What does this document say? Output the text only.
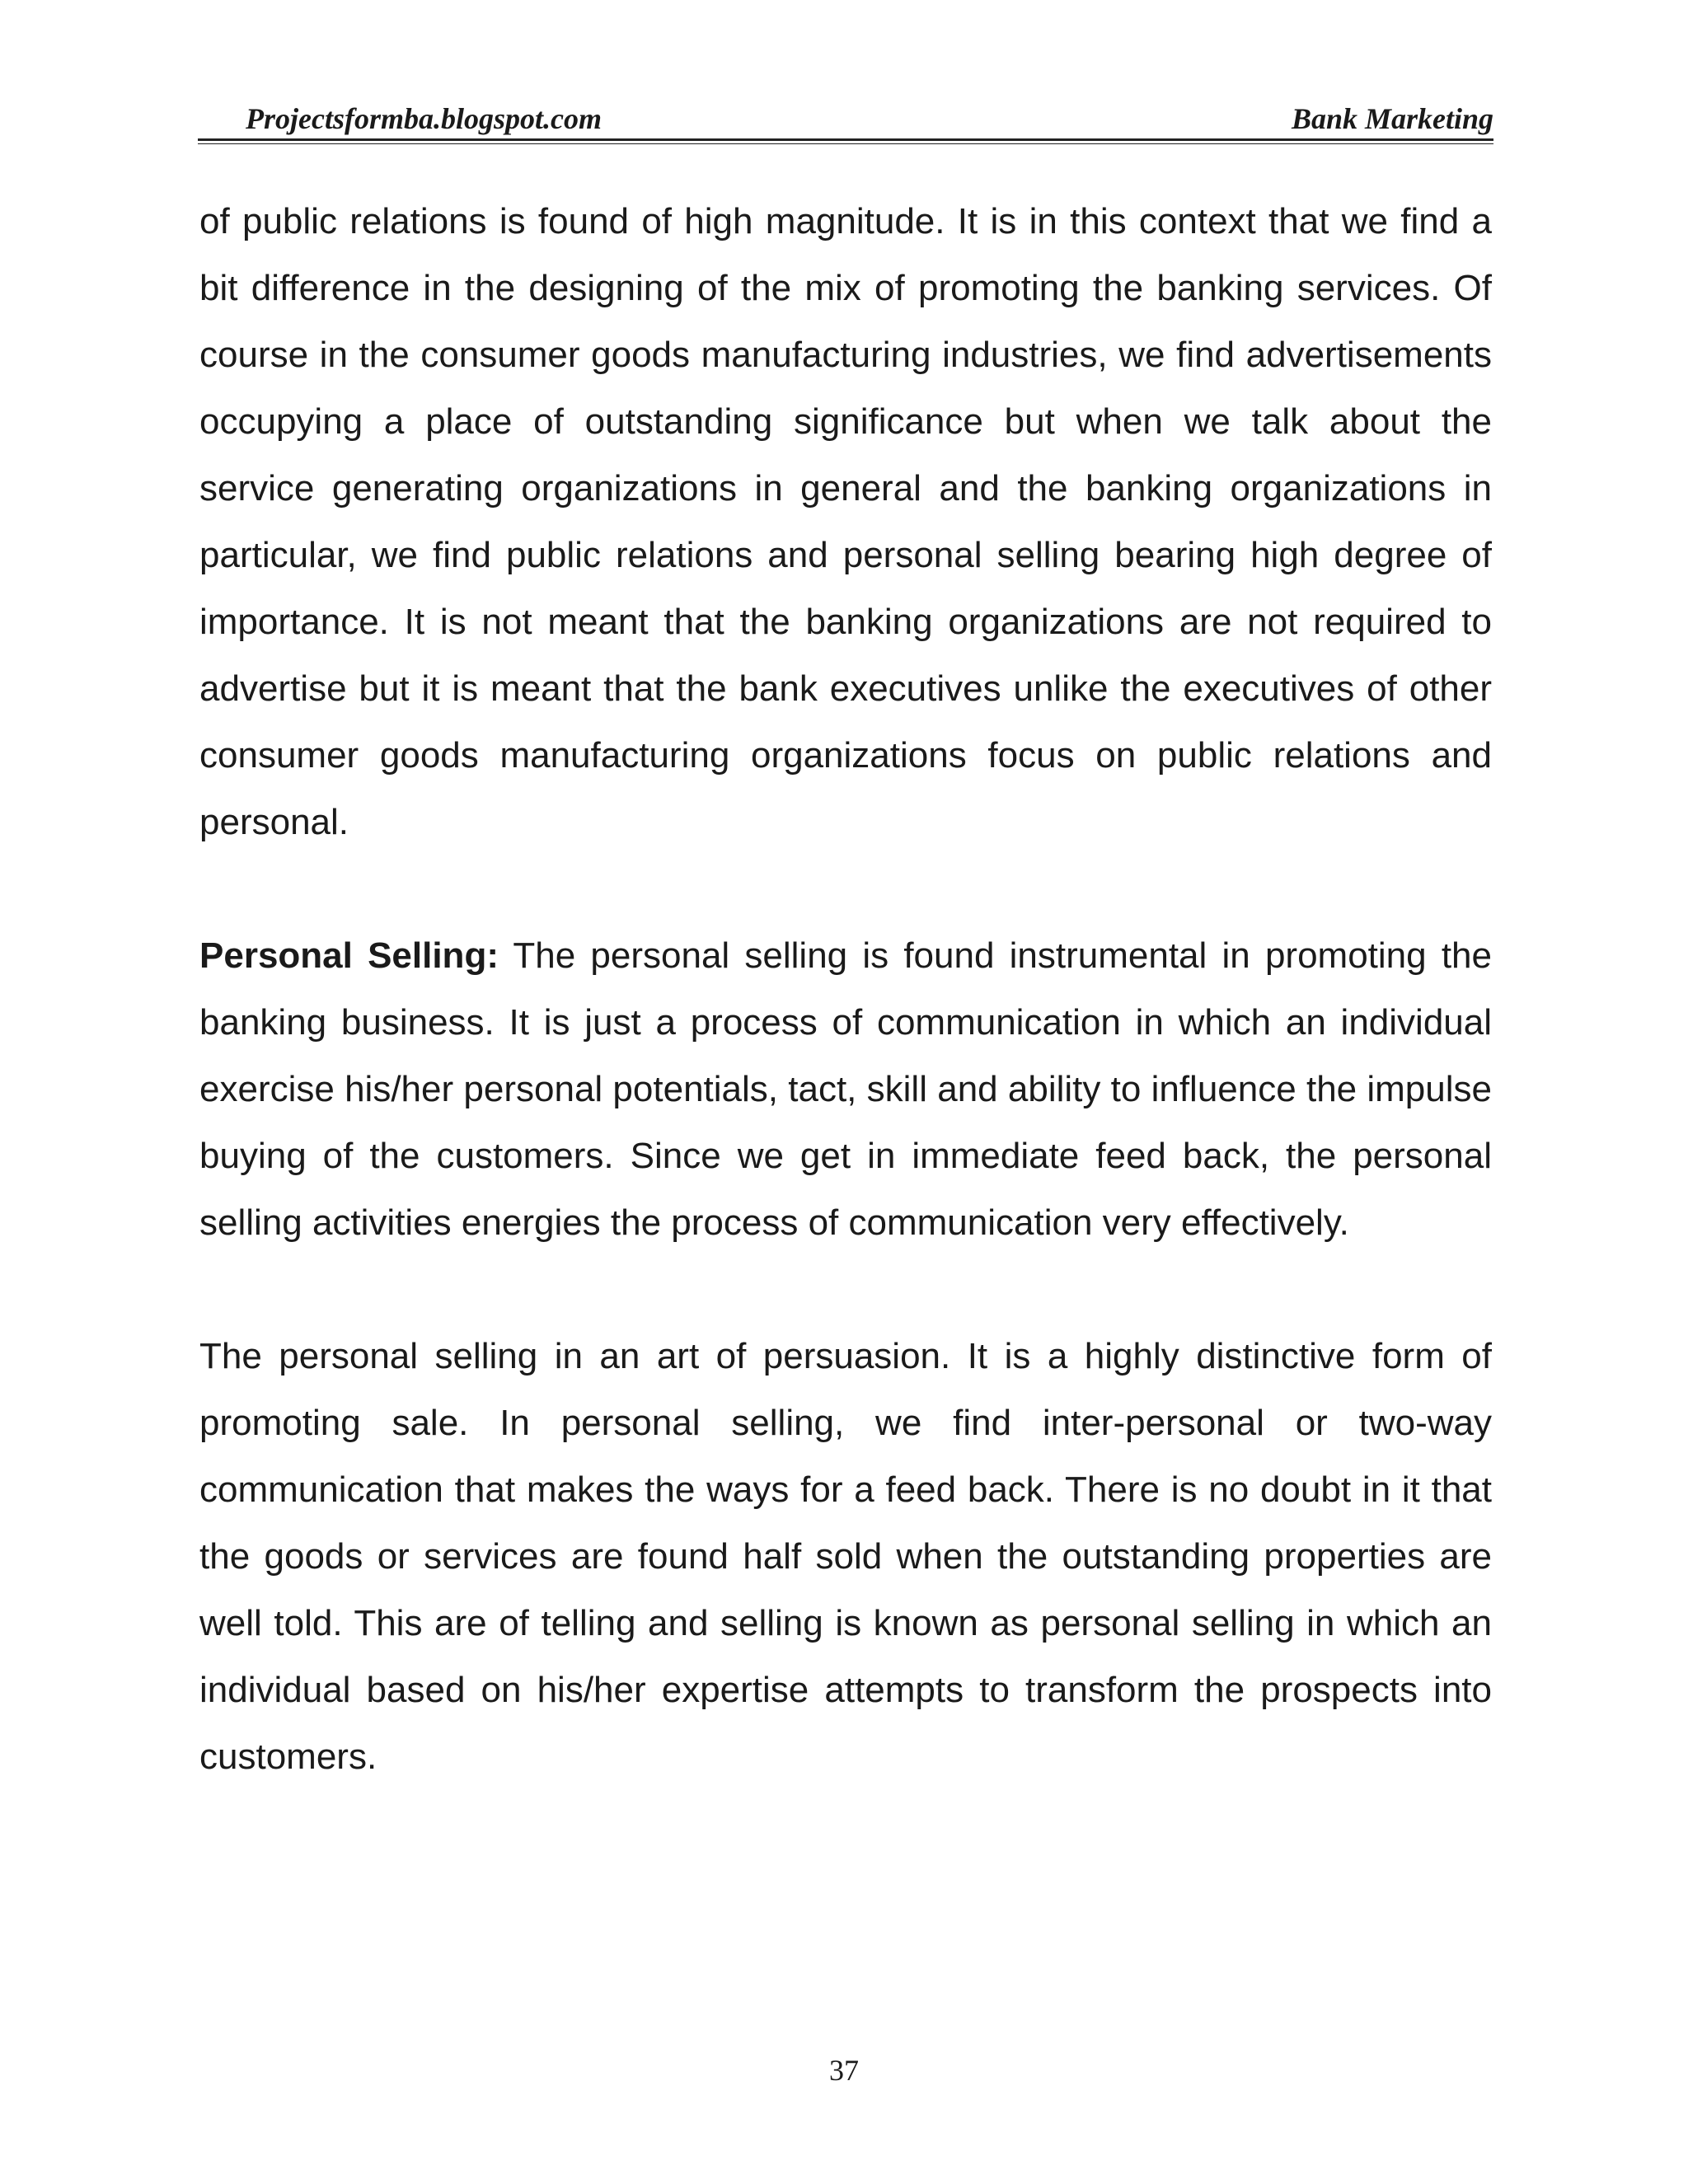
Projectsformba.blogspot.com	Bank Marketing

of public relations is found of high magnitude. It is in this context that we find a bit difference in the designing of the mix of promoting the banking services. Of course in the consumer goods manufacturing industries, we find advertisements occupying a place of outstanding significance but when we talk about the service generating organizations in general and the banking organizations in particular, we find public relations and personal selling bearing high degree of importance. It is not meant that the banking organizations are not required to advertise but it is meant that the bank executives unlike the executives of other consumer goods manufacturing organizations focus on public relations and personal.

Personal Selling: The personal selling is found instrumental in promoting the banking business. It is just a process of communication in which an individual exercise his/her personal potentials, tact, skill and ability to influence the impulse buying of the customers. Since we get in immediate feed back, the personal selling activities energies the process of communication very effectively.

The personal selling in an art of persuasion. It is a highly distinctive form of promoting sale. In personal selling, we find inter-personal or two-way communication that makes the ways for a feed back. There is no doubt in it that the goods or services are found half sold when the outstanding properties are well told. This are of telling and selling is known as personal selling in which an individual based on his/her expertise attempts to transform the prospects into customers.

37
